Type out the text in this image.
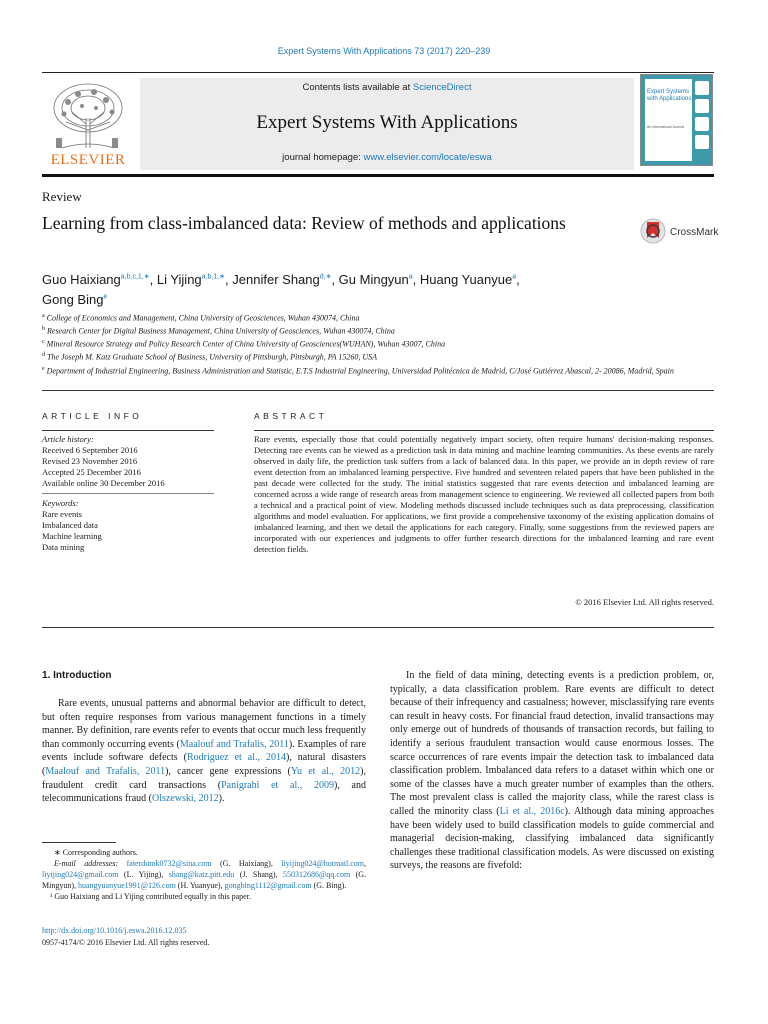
Expert Systems With Applications 73 (2017) 220–239
ELSEVIER
Contents lists available at ScienceDirect
Expert Systems With Applications
journal homepage: www.elsevier.com/locate/eswa
Expert Systems with Applications
An International Journal
Review
Learning from class-imbalanced data: Review of methods and applications	CrossMark
Guo Haixiang$^{a,b,c,1,∗}$, Li Yijing$^{a,b,1,∗}$, Jennifer Shang$^{d,∗}$, Gu Mingyun$^a$, Huang Yuanyue$^a$,
Gong Bing$^e$

$^a$ College of Economics and Management, China University of Geosciences, Wuhan 430074, China

$^b$ Research Center for Digital Business Management, China University of Geosciences, Wuhan 430074, China

$^c$ Mineral Resource Strategy and Policy Research Center of China University of Geosciences(WUHAN), Wuhan 43007, China

$^d$ The Joseph M. Katz Graduate School of Business, University of Pittsburgh, Pittsburgh, PA 15260, USA

$^e$ Department of Industrial Engineering, Business Administration and Statistic, E.T.S Industrial Engineering, Universidad Politécnica de Madrid, C/José Gutiérrez Abascal, 2- 20086, Madrid, Spain

ARTICLE INFO	ABSTRACT
Article history:
Received 6 September 2016
Revised 23 November 2016
Accepted 25 December 2016
Available online 30 December 2016
Keywords:
Rare events
Imbalanced data
Machine learning
Data mining
Rare events, especially those that could potentially negatively impact society, often require humans' decision-making responses. Detecting rare events can be viewed as a prediction task in data mining and machine learning communities. As these events are rarely observed in daily life, the prediction task suffers from a lack of balanced data. In this paper, we provide an in depth review of rare event detection from an imbalanced learning perspective. Five hundred and seventeen related papers that have been published in the past decade were collected for the study. The initial statistics suggested that rare events detection and imbalanced learning are concerned across a wide range of research areas from management science to engineering. We reviewed all collected papers from both a technical and a practical point of view. Modeling methods discussed include techniques such as data preprocessing, classification algorithms and model evaluation. For applications, we first provide a comprehensive taxonomy of the existing application domains of imbalanced learning, and then we detail the applications for each category. Finally, some suggestions from the reviewed papers are incorporated with our experiences and judgments to offer further research directions for the imbalanced learning and rare event detection fields.
© 2016 Elsevier Ltd. All rights reserved.
1. Introduction
Rare events, unusual patterns and abnormal behavior are difficult to detect, but often require responses from various management functions in a timely manner. By definition, rare events refer to events that occur much less frequently than commonly occurring events (Maalouf and Trafalis, 2011). Examples of rare events include software defects (Rodriguez et al., 2014), natural disasters (Maalouf and Trafalis, 2011), cancer gene expressions (Yu et al., 2012), fraudulent credit card transactions (Panigrahi et al., 2009), and telecommunications fraud (Olszewski, 2012).
In the field of data mining, detecting events is a prediction problem, or, typically, a data classification problem. Rare events are difficult to detect because of their infrequency and casualness; however, misclassifying rare events can result in heavy costs. For financial fraud detection, invalid transactions may only emerge out of hundreds of thousands of transaction records, but failing to identify a serious fraudulent transaction would cause enormous losses. The scarce occurrences of rare events impair the detection task to imbalanced data classification problem. Imbalanced data refers to a dataset within which one or some of the classes have a much greater number of examples than the others. The most prevalent class is called the majority class, while the rarest class is called the minority class (Li et al., 2016c). Although data mining approaches have been widely used to build classification models to guide commercial and managerial decision-making, classifying imbalanced data significantly challenges these traditional classification models. As were discussed on existing surveys, the reasons are fivefold:

∗ Corresponding authors.

E-mail addresses: faterdumk0732@sina.com (G. Haixiang), liyijing024@hotmail.com, liyijing024@gmail.com (L. Yijing), shang@katz.pitt.edu (J. Shang), 550312686@qq.com (G. Mingyun), huangyuanyue1991@126.com (H. Yuanyue), gongbing1112@gmail.com (G. Bing).

¹ Guo Haixiang and Li Yijing contributed equally in this paper.

http://dx.doi.org/10.1016/j.eswa.2016.12.035
0957-4174/© 2016 Elsevier Ltd. All rights reserved.
